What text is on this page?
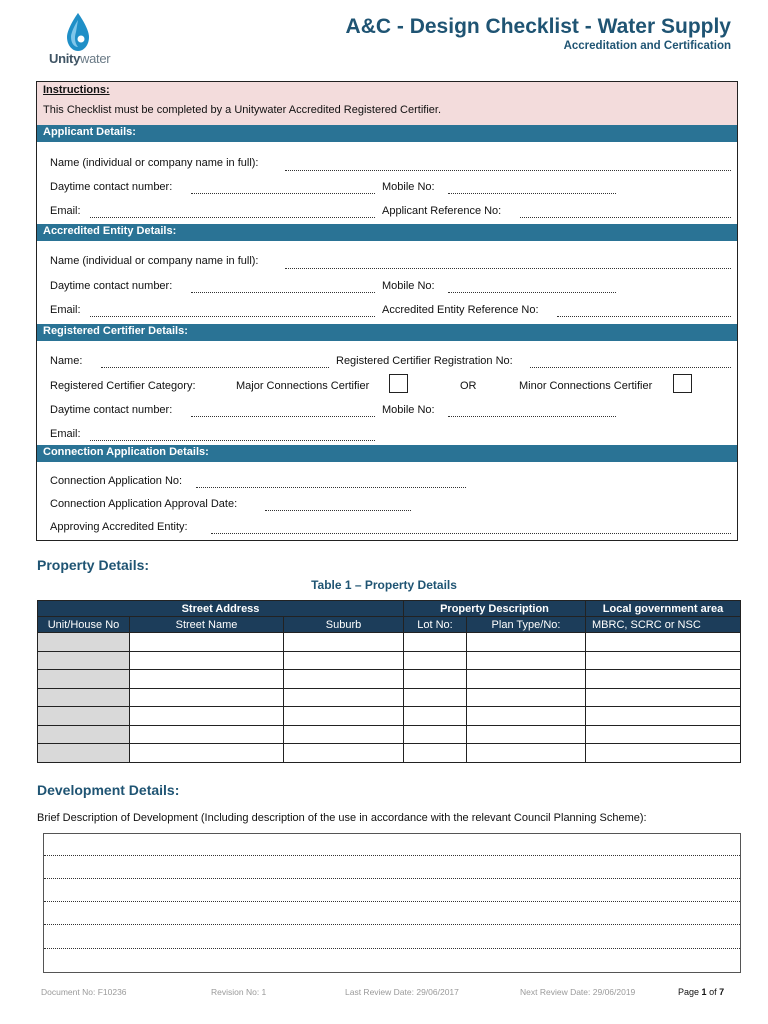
Unitywater
A&C - Design Checklist - Water Supply
Accreditation and Certification
Instructions:
This Checklist must be completed by a Unitywater Accredited Registered Certifier.
Applicant Details:
Name (individual or company name in full):
Daytime contact number:	Mobile No:
Email:	Applicant Reference No:
Accredited Entity Details:
Name (individual or company name in full):
Daytime contact number:	Mobile No:
Email:	Accredited Entity Reference No:
Registered Certifier Details:
Name:	Registered Certifier Registration No:
Registered Certifier Category:	Major Connections Certifier	OR	Minor Connections Certifier
Daytime contact number:	Mobile No:
Email:
Connection Application Details:
Connection Application No:
Connection Application Approval Date:
Approving Accredited Entity:
Property Details:
Table 1 – Property Details
Street Address			Property Description		Local government area
Unit/House No	Street Name	Suburb	Lot No:	Plan Type/No:	MBRC, SCRC or NSC

Development Details:
Brief Description of Development (Including description of the use in accordance with the relevant Council Planning Scheme):
Document No: F10236	Revision No: 1	Last Review Date: 29/06/2017	Next Review Date: 29/06/2019	Page 1 of 7
